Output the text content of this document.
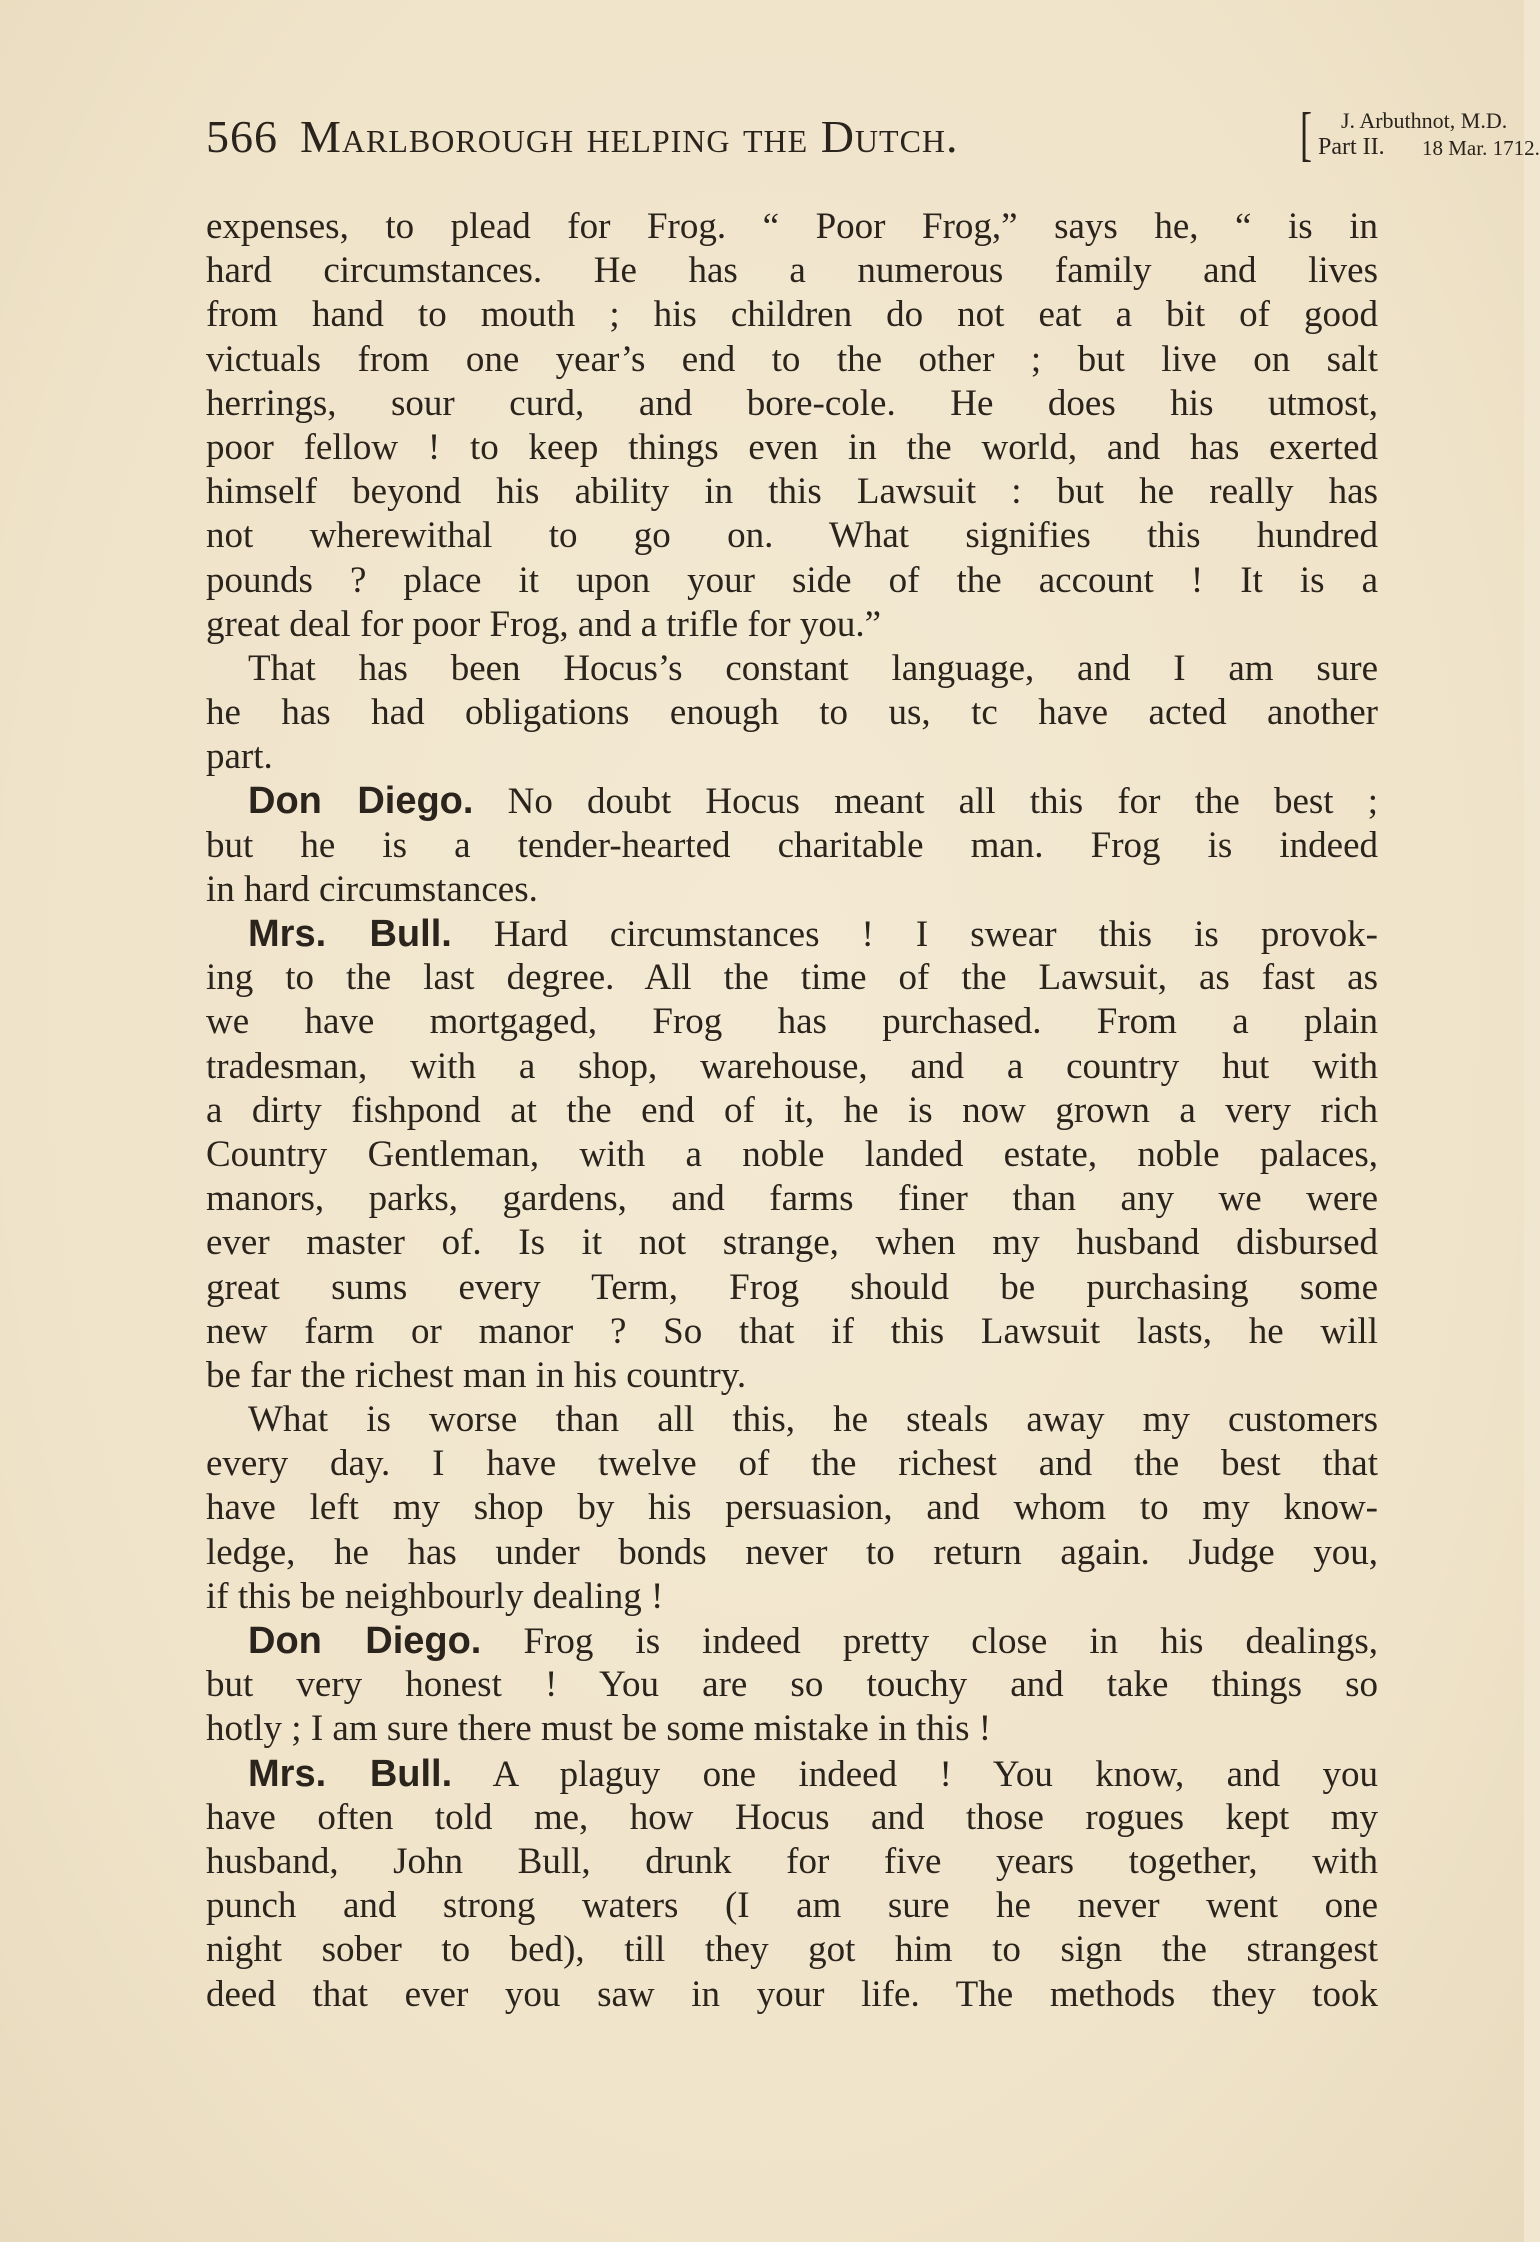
566 Marlborough helping the Dutch.	[ J. Arbuthnot, M.D.
Part II. 18 Mar. 1712.
expenses, to plead for Frog. “ Poor Frog,” says he, “ is in
hard circumstances. He has a numerous family and lives
from hand to mouth ; his children do not eat a bit of good
victuals from one year’s end to the other ; but live on salt
herrings, sour curd, and bore-cole. He does his utmost,
poor fellow ! to keep things even in the world, and has exerted
himself beyond his ability in this Lawsuit : but he really has
not wherewithal to go on. What signifies this hundred
pounds ? place it upon your side of the account ! It is a
great deal for poor Frog, and a trifle for you.”
That has been Hocus’s constant language, and I am sure
he has had obligations enough to us, tc have acted another
part.
Don Diego. No doubt Hocus meant all this for the best ;
but he is a tender-hearted charitable man. Frog is indeed
in hard circumstances.
Mrs. Bull. Hard circumstances ! I swear this is provok-
ing to the last degree. All the time of the Lawsuit, as fast as
we have mortgaged, Frog has purchased. From a plain
tradesman, with a shop, warehouse, and a country hut with
a dirty fishpond at the end of it, he is now grown a very rich
Country Gentleman, with a noble landed estate, noble palaces,
manors, parks, gardens, and farms finer than any we were
ever master of. Is it not strange, when my husband disbursed
great sums every Term, Frog should be purchasing some
new farm or manor ? So that if this Lawsuit lasts, he will
be far the richest man in his country.
What is worse than all this, he steals away my customers
every day. I have twelve of the richest and the best that
have left my shop by his persuasion, and whom to my know-
ledge, he has under bonds never to return again. Judge you,
if this be neighbourly dealing !
Don Diego. Frog is indeed pretty close in his dealings,
but very honest ! You are so touchy and take things so
hotly ; I am sure there must be some mistake in this !
Mrs. Bull. A plaguy one indeed ! You know, and you
have often told me, how Hocus and those rogues kept my
husband, John Bull, drunk for five years together, with
punch and strong waters (I am sure he never went one
night sober to bed), till they got him to sign the strangest
deed that ever you saw in your life. The methods they took
